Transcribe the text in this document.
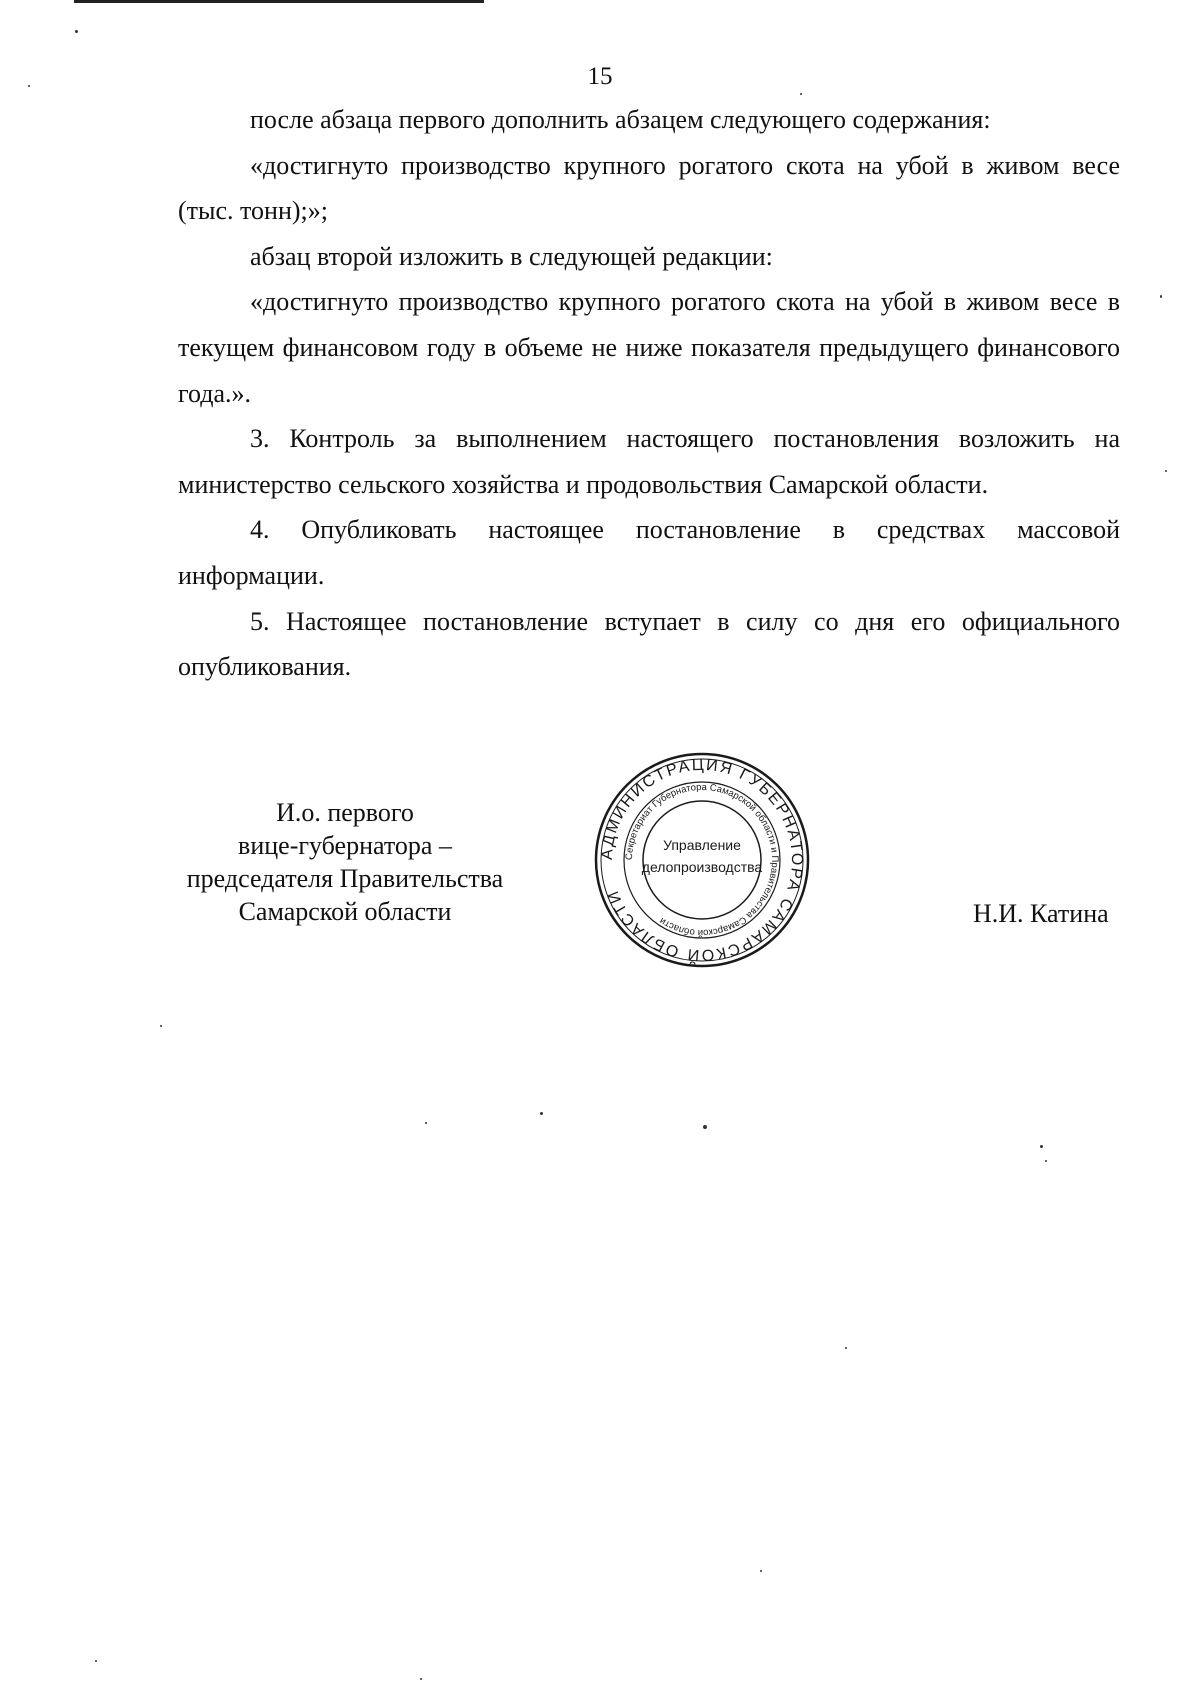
15

после абзаца первого дополнить абзацем следующего содержания:

«достигнуто производство крупного рогатого скота на убой в живом весе (тыс. тонн);»;

абзац второй изложить в следующей редакции:

«достигнуто производство крупного рогатого скота на убой в живом весе в текущем финансовом году в объеме не ниже показателя предыдущего финансового года.».

3. Контроль за выполнением настоящего постановления возложить на министерство сельского хозяйства и продовольствия Самарской области.

4. Опубликовать настоящее постановление в средствах массовой информации.

5. Настоящее постановление вступает в силу со дня его официального опубликования.

И.о. первого
вице-губернатора –
председателя Правительства
Самарской области	Н.И. Катина
АДМИНИСТРАЦИЯ ГУБЕРНАТОРА САМАРСКОЙ ОБЛАСТИ
Секретариат Губернатора Самарской области и Правительства Самарской области
Управление
делопроизводства
